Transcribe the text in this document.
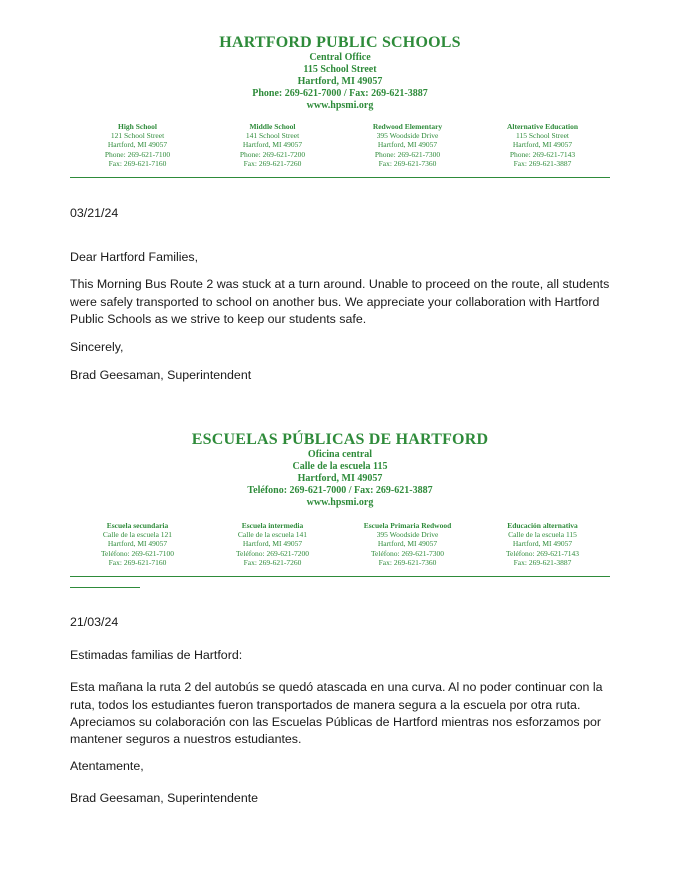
HARTFORD PUBLIC SCHOOLS
Central Office
115 School Street
Hartford, MI 49057
Phone: 269-621-7000 / Fax: 269-621-3887
www.hpsmi.org
High School
121 School Street
Hartford, MI 49057
Phone: 269-621-7100
Fax: 269-621-7160
Middle School
141 School Street
Hartford, MI 49057
Phone: 269-621-7200
Fax: 269-621-7260
Redwood Elementary
395 Woodside Drive
Hartford, MI 49057
Phone: 269-621-7300
Fax: 269-621-7360
Alternative Education
115 School Street
Hartford, MI 49057
Phone: 269-621-7143
Fax: 269-621-3887

03/21/24

Dear Hartford Families,

This Morning Bus Route 2 was stuck at a turn around. Unable to proceed on the route, all students were safely transported to school on another bus. We appreciate your collaboration with Hartford Public Schools as we strive to keep our students safe.

Sincerely,

Brad Geesaman, Superintendent

ESCUELAS PÚBLICAS DE HARTFORD
Oficina central
Calle de la escuela 115
Hartford, MI 49057
Teléfono: 269-621-7000 / Fax: 269-621-3887
www.hpsmi.org
Escuela secundaria
Calle de la escuela 121
Hartford, MI 49057
Teléfono: 269-621-7100
Fax: 269-621-7160
Escuela intermedia
Calle de la escuela 141
Hartford, MI 49057
Teléfono: 269-621-7200
Fax: 269-621-7260
Escuela Primaria Redwood
395 Woodside Drive
Hartford, MI 49057
Teléfono: 269-621-7300
Fax: 269-621-7360
Educación alternativa
Calle de la escuela 115
Hartford, MI 49057
Teléfono: 269-621-7143
Fax: 269-621-3887

21/03/24

Estimadas familias de Hartford:

Esta mañana la ruta 2 del autobús se quedó atascada en una curva. Al no poder continuar con la ruta, todos los estudiantes fueron transportados de manera segura a la escuela por otra ruta. Apreciamos su colaboración con las Escuelas Públicas de Hartford mientras nos esforzamos por mantener seguros a nuestros estudiantes.

Atentamente,

Brad Geesaman, Superintendente
